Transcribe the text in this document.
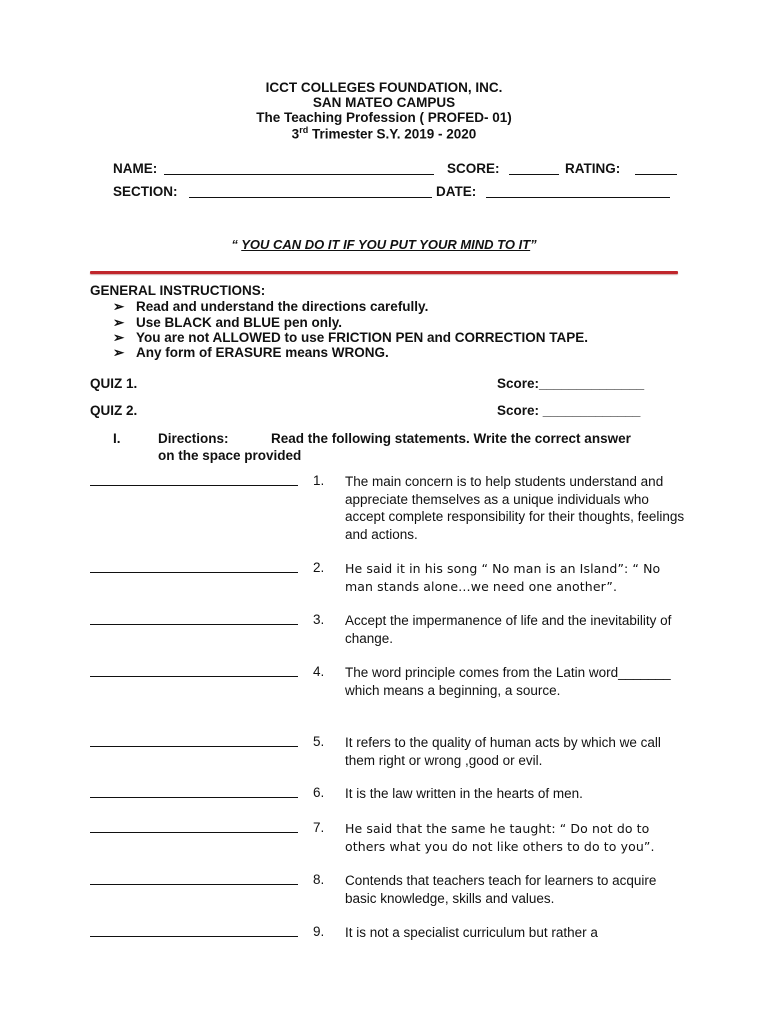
ICCT COLLEGES FOUNDATION, INC.
SAN MATEO CAMPUS
The Teaching Profession ( PROFED- 01)
3rd Trimester S.Y. 2019 - 2020
NAME:	SCORE:	RATING:
SECTION:	DATE:
“ YOU CAN DO IT IF YOU PUT YOUR MIND TO IT”
GENERAL INSTRUCTIONS:
➢ Read and understand the directions carefully.
➢ Use BLACK and BLUE pen only.
➢ You are not ALLOWED to use FRICTION PEN and CORRECTION TAPE.
➢ Any form of ERASURE means WRONG.
QUIZ 1.	Score:______________
QUIZ 2.	Score: _____________
I.	Directions:	Read the following statements. Write the correct answer
on the space provided
1. The main concern is to help students understand and appreciate themselves as a unique individuals who accept complete responsibility for their thoughts, feelings and actions.
2. He said it in his song “ No man is an Island”: “ No man stands alone…we need one another”.
3. Accept the impermanence of life and the inevitability of change.
4. The word principle comes from the Latin word_______ which means a beginning, a source.
5. It refers to the quality of human acts by which we call them right or wrong ,good or evil.
6. It is the law written in the hearts of men.
7. He said that the same he taught: “ Do not do to others what you do not like others to do to you”.
8. Contends that teachers teach for learners to acquire basic knowledge, skills and values.
9. It is not a specialist curriculum but rather a
